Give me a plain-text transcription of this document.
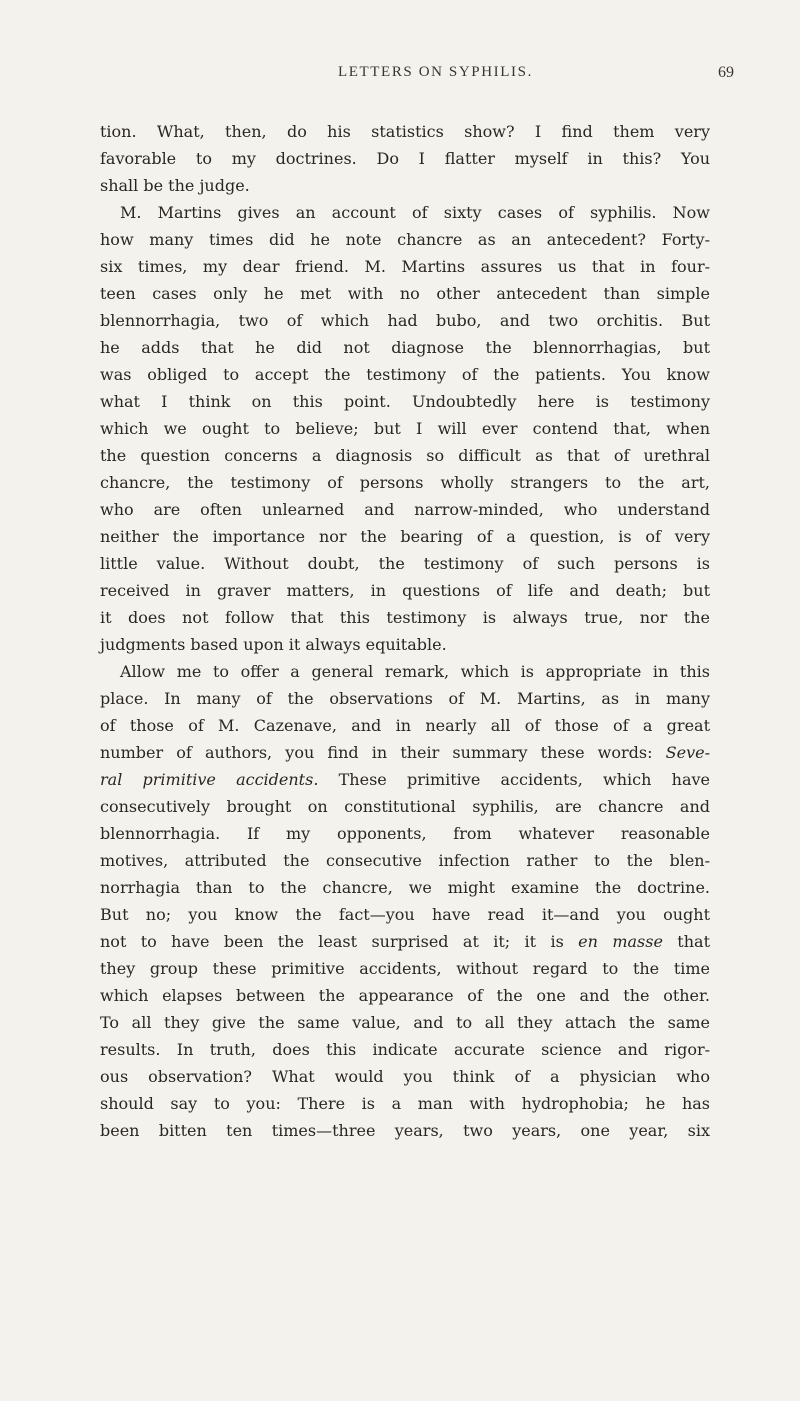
LETTERS ON SYPHILIS.	69
tion. What, then, do his statistics show? I find them very
favorable to my doctrines. Do I flatter myself in this? You
shall be the judge.
M. Martins gives an account of sixty cases of syphilis. Now
how many times did he note chancre as an antecedent? Forty-
six times, my dear friend. M. Martins assures us that in four-
teen cases only he met with no other antecedent than simple
blennorrhagia, two of which had bubo, and two orchitis. But
he adds that he did not diagnose the blennorrhagias, but
was obliged to accept the testimony of the patients. You know
what I think on this point. Undoubtedly here is testimony
which we ought to believe; but I will ever contend that, when
the question concerns a diagnosis so difficult as that of urethral
chancre, the testimony of persons wholly strangers to the art,
who are often unlearned and narrow-minded, who understand
neither the importance nor the bearing of a question, is of very
little value. Without doubt, the testimony of such persons is
received in graver matters, in questions of life and death; but
it does not follow that this testimony is always true, nor the
judgments based upon it always equitable.
Allow me to offer a general remark, which is appropriate in this
place. In many of the observations of M. Martins, as in many
of those of M. Cazenave, and in nearly all of those of a great
number of authors, you find in their summary these words: Seve-
ral primitive accidents. These primitive accidents, which have
consecutively brought on constitutional syphilis, are chancre and
blennorrhagia. If my opponents, from whatever reasonable
motives, attributed the consecutive infection rather to the blen-
norrhagia than to the chancre, we might examine the doctrine.
But no; you know the fact—you have read it—and you ought
not to have been the least surprised at it; it is en masse that
they group these primitive accidents, without regard to the time
which elapses between the appearance of the one and the other.
To all they give the same value, and to all they attach the same
results. In truth, does this indicate accurate science and rigor-
ous observation? What would you think of a physician who
should say to you: There is a man with hydrophobia; he has
been bitten ten times—three years, two years, one year, six
